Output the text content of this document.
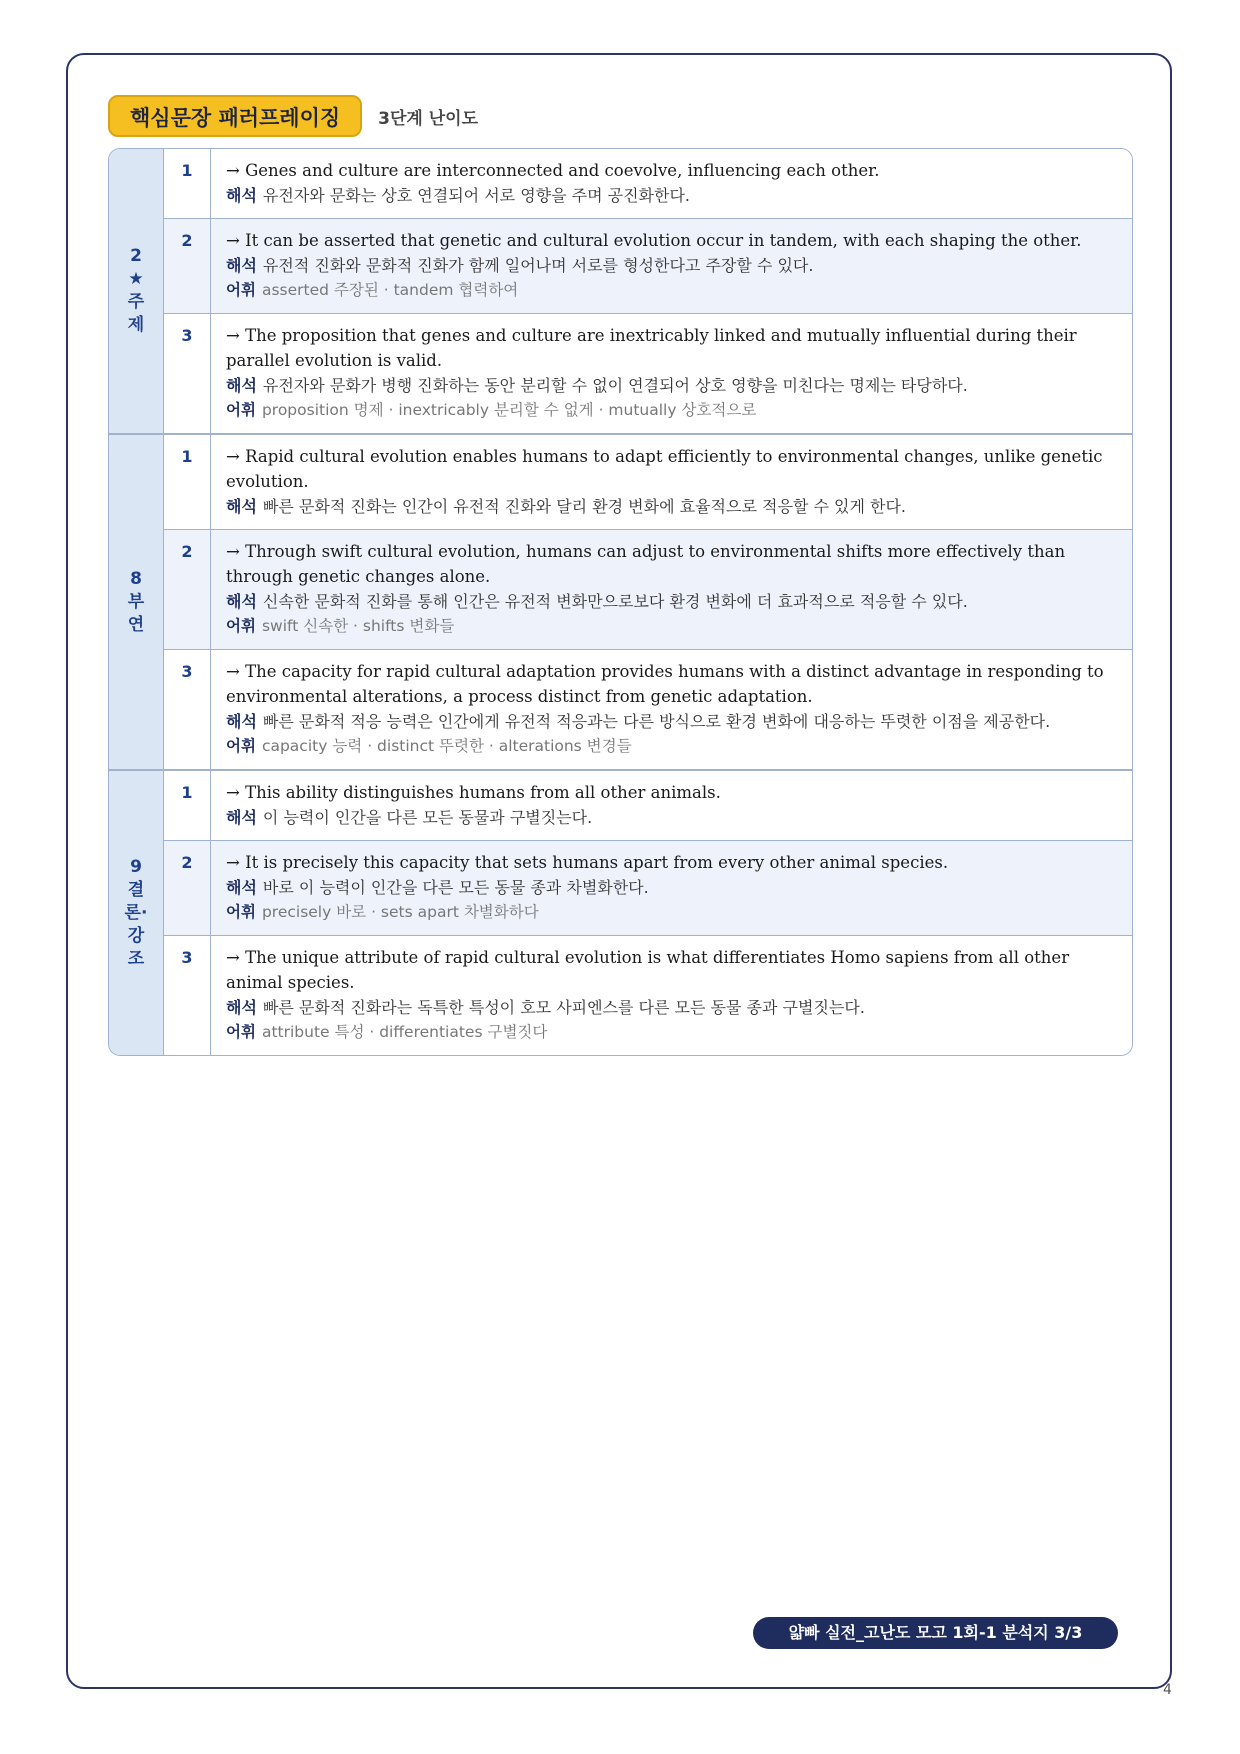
핵심문장 패러프레이징	3단계 난이도
2
★
주
제	1	→ Genes and culture are interconnected and coevolve, influencing each other.
해석 유전자와 문화는 상호 연결되어 서로 영향을 주며 공진화한다.

	2	→ It can be asserted that genetic and cultural evolution occur in tandem, with each shaping the other.
해석 유전적 진화와 문화적 진화가 함께 일어나며 서로를 형성한다고 주장할 수 있다.
어휘 asserted 주장된 · tandem 협력하여

	3	→ The proposition that genes and culture are inextricably linked and mutually influential during their parallel evolution is valid.
해석 유전자와 문화가 병행 진화하는 동안 분리할 수 없이 연결되어 상호 영향을 미친다는 명제는 타당하다.
어휘 proposition 명제 · inextricably 분리할 수 없게 · mutually 상호적으로

8
부
연	1	→ Rapid cultural evolution enables humans to adapt efficiently to environmental changes, unlike genetic evolution.
해석 빠른 문화적 진화는 인간이 유전적 진화와 달리 환경 변화에 효율적으로 적응할 수 있게 한다.

	2	→ Through swift cultural evolution, humans can adjust to environmental shifts more effectively than through genetic changes alone.
해석 신속한 문화적 진화를 통해 인간은 유전적 변화만으로보다 환경 변화에 더 효과적으로 적응할 수 있다.
어휘 swift 신속한 · shifts 변화들

	3	→ The capacity for rapid cultural adaptation provides humans with a distinct advantage in responding to environmental alterations, a process distinct from genetic adaptation.
해석 빠른 문화적 적응 능력은 인간에게 유전적 적응과는 다른 방식으로 환경 변화에 대응하는 뚜렷한 이점을 제공한다.
어휘 capacity 능력 · distinct 뚜렷한 · alterations 변경들

9
결
론·
강
조	1	→ This ability distinguishes humans from all other animals.
해석 이 능력이 인간을 다른 모든 동물과 구별짓는다.

	2	→ It is precisely this capacity that sets humans apart from every other animal species.
해석 바로 이 능력이 인간을 다른 모든 동물 종과 차별화한다.
어휘 precisely 바로 · sets apart 차별화하다

	3	→ The unique attribute of rapid cultural evolution is what differentiates Homo sapiens from all other animal species.
해석 빠른 문화적 진화라는 독특한 특성이 호모 사피엔스를 다른 모든 동물 종과 구별짓는다.
어휘 attribute 특성 · differentiates 구별짓다
얇빠 실전_고난도 모고 1회-1 분석지 3/3
4
